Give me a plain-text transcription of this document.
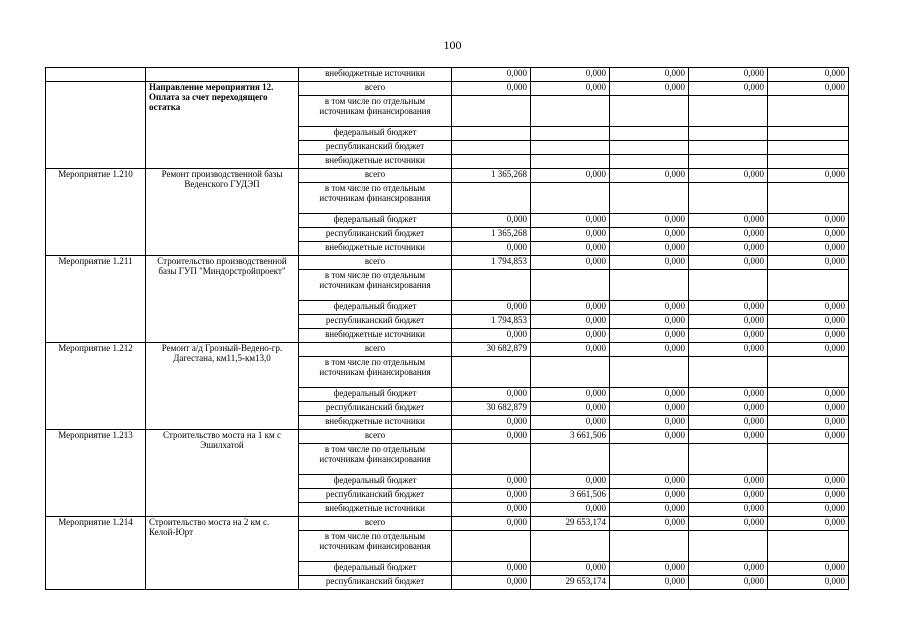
100
		внебюджетные источники	0,000	0,000	0,000	0,000	0,000
	Направление мероприятия 12. Оплата за счет переходящего остатка	всего	0,000	0,000	0,000	0,000	0,000
		в том числе по отдельным источникам финансирования					
		федеральный бюджет					
		республиканский бюджет					
		внебюджетные источники					
Мероприятие 1.210	Ремонт производственной базы Веденского ГУДЭП	всего	1 365,268	0,000	0,000	0,000	0,000
		в том числе по отдельным источникам финансирования					
		федеральный бюджет	0,000	0,000	0,000	0,000	0,000
		республиканский бюджет	1 365,268	0,000	0,000	0,000	0,000
		внебюджетные источники	0,000	0,000	0,000	0,000	0,000
Мероприятие 1.211	Строительство производственной базы ГУП "Миндорстройпроект"	всего	1 794,853	0,000	0,000	0,000	0,000
		в том числе по отдельным источникам финансирования					
		федеральный бюджет	0,000	0,000	0,000	0,000	0,000
		республиканский бюджет	1 794,853	0,000	0,000	0,000	0,000
		внебюджетные источники	0,000	0,000	0,000	0,000	0,000
Мероприятие 1.212	Ремонт а/д Грозный-Ведено-гр. Дагестана, км11,5-км13,0	всего	30 682,879	0,000	0,000	0,000	0,000
		в том числе по отдельным источникам финансирования					
		федеральный бюджет	0,000	0,000	0,000	0,000	0,000
		республиканский бюджет	30 682,879	0,000	0,000	0,000	0,000
		внебюджетные источники	0,000	0,000	0,000	0,000	0,000
Мероприятие 1.213	Строительство моста на 1 км с Эшилхатой	всего	0,000	3 661,506	0,000	0,000	0,000
		в том числе по отдельным источникам финансирования					
		федеральный бюджет	0,000	0,000	0,000	0,000	0,000
		республиканский бюджет	0,000	3 661,506	0,000	0,000	0,000
		внебюджетные источники	0,000	0,000	0,000	0,000	0,000
Мероприятие 1.214	Строительство моста на 2 км с. Келой-Юрт	всего	0,000	29 653,174	0,000	0,000	0,000
		в том числе по отдельным источникам финансирования					
		федеральный бюджет	0,000	0,000	0,000	0,000	0,000
		республиканский бюджет	0,000	29 653,174	0,000	0,000	0,000
